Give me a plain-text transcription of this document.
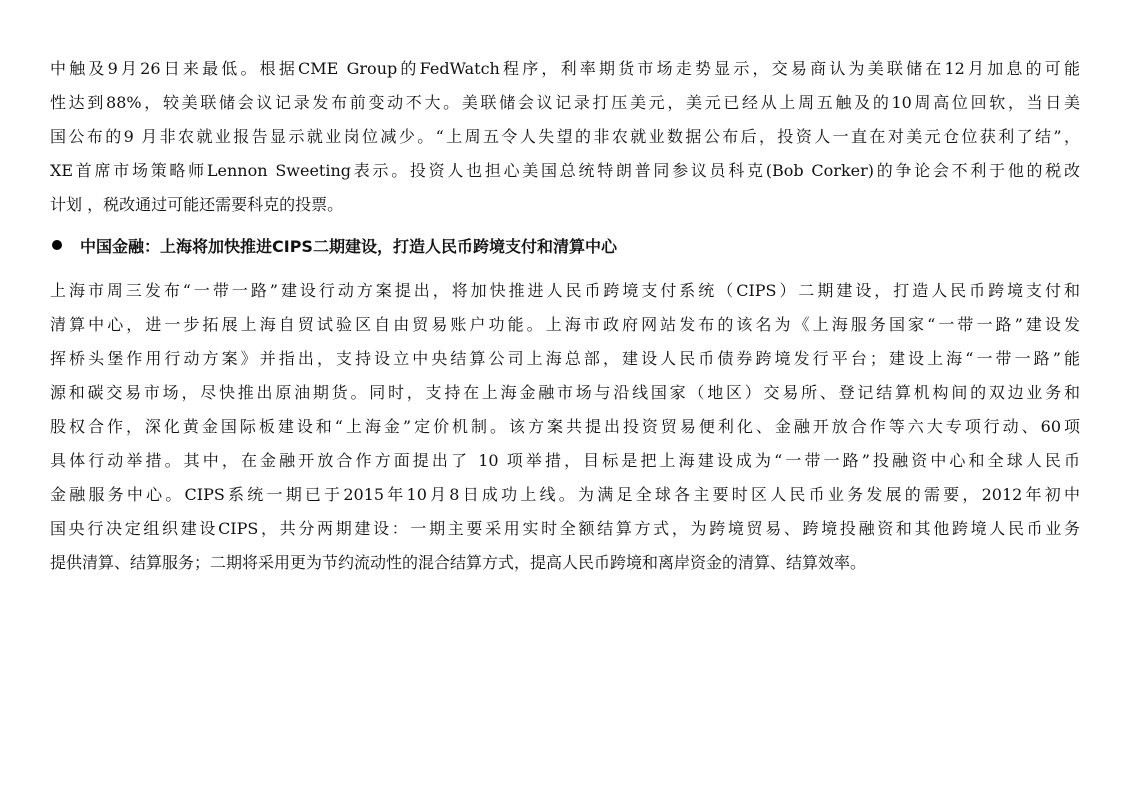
中触及9月26日来最低。根据CME Group的FedWatch程序，利率期货市场走势显示，交易商认为美联储在12月加息的可能
性达到88%，较美联储会议记录发布前变动不大。美联储会议记录打压美元，美元已经从上周五触及的10周高位回软，当日美
国公布的9 月非农就业报告显示就业岗位减少。“上周五令人失望的非农就业数据公布后，投资人一直在对美元仓位获利了结”，
XE首席市场策略师Lennon Sweeting表示。投资人也担心美国总统特朗普同参议员科克(Bob Corker)的争论会不利于他的税改
计划 ，税改通过可能还需要科克的投票。

中国金融：上海将加快推进CIPS二期建设，打造人民币跨境支付和清算中心

上海市周三发布“一带一路”建设行动方案提出，将加快推进人民币跨境支付系统（CIPS）二期建设，打造人民币跨境支付和
清算中心，进一步拓展上海自贸试验区自由贸易账户功能。上海市政府网站发布的该名为《上海服务国家“一带一路”建设发
挥桥头堡作用行动方案》并指出，支持设立中央结算公司上海总部，建设人民币债券跨境发行平台；建设上海“一带一路”能
源和碳交易市场，尽快推出原油期货。同时，支持在上海金融市场与沿线国家（地区）交易所、登记结算机构间的双边业务和
股权合作，深化黄金国际板建设和“上海金”定价机制。该方案共提出投资贸易便利化、金融开放合作等六大专项行动、60项
具体行动举措。其中，在金融开放合作方面提出了 10 项举措，目标是把上海建设成为“一带一路”投融资中心和全球人民币
金融服务中心。CIPS系统一期已于2015年10月8日成功上线。为满足全球各主要时区人民币业务发展的需要，2012年初中
国央行决定组织建设CIPS，共分两期建设：一期主要采用实时全额结算方式，为跨境贸易、跨境投融资和其他跨境人民币业务
提供清算、结算服务；二期将采用更为节约流动性的混合结算方式，提高人民币跨境和离岸资金的清算、结算效率。
